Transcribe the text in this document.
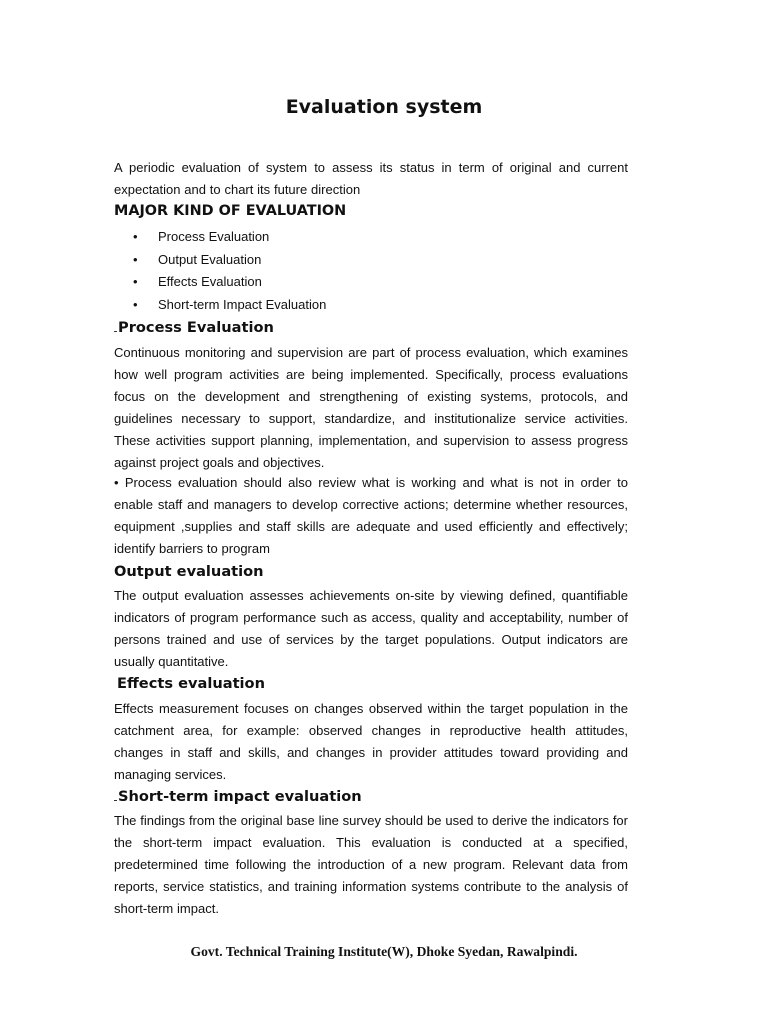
Evaluation system

A periodic evaluation of system to assess its status in term of original and current expectation and to chart its future direction

MAJOR KIND OF EVALUATION
• Process Evaluation
• Output Evaluation
• Effects Evaluation
• Short-term Impact Evaluation
Process Evaluation

Continuous monitoring and supervision are part of process evaluation, which examines how well program activities are being implemented. Specifically, process evaluations focus on the development and strengthening of existing systems, protocols, and guidelines necessary to support, standardize, and institutionalize service activities. These activities support planning, implementation, and supervision to assess progress against project goals and objectives.

• Process evaluation should also review what is working and what is not in order to enable staff and managers to develop corrective actions; determine whether resources, equipment ,supplies and staff skills are adequate and used efficiently and effectively; identify barriers to program

Output evaluation

The output evaluation assesses achievements on-site by viewing defined, quantifiable indicators of program performance such as access, quality and acceptability, number of persons trained and use of services by the target populations. Output indicators are usually quantitative.

Effects evaluation

Effects measurement focuses on changes observed within the target population in the catchment area, for example: observed changes in reproductive health attitudes, changes in staff and skills, and changes in provider attitudes toward providing and managing services.

Short-term impact evaluation

The findings from the original base line survey should be used to derive the indicators for the short-term impact evaluation. This evaluation is conducted at a specified, predetermined time following the introduction of a new program. Relevant data from reports, service statistics, and training information systems contribute to the analysis of short-term impact.

Govt. Technical Training Institute(W), Dhoke Syedan, Rawalpindi.
